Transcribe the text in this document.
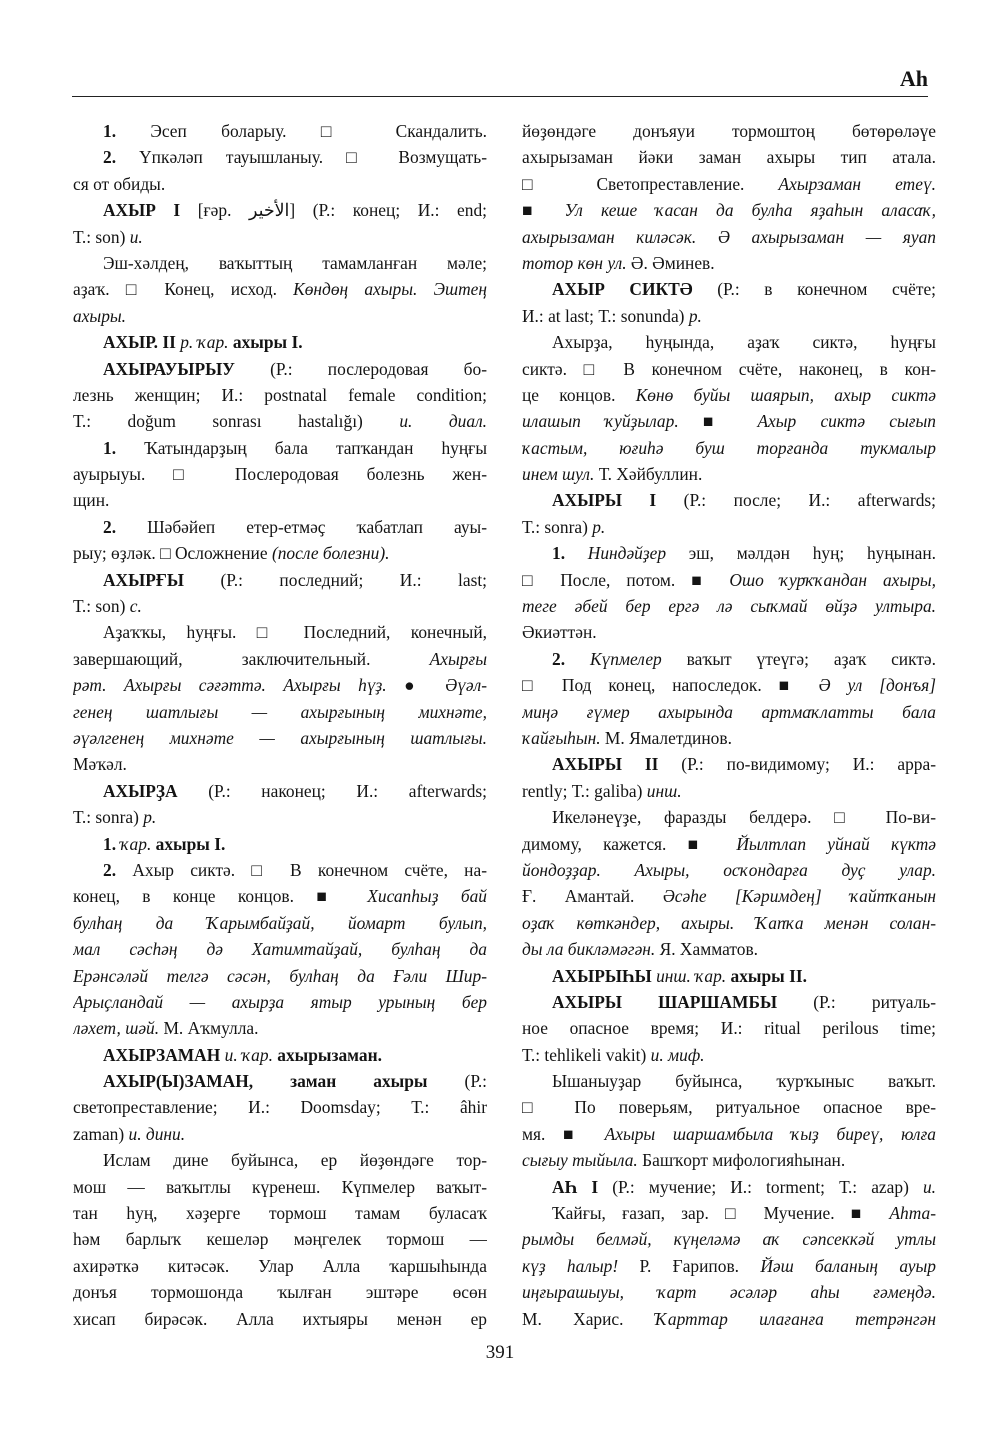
Аһ
1. Эсеп боларыу. □ Скандалить.
2. Үпкәләп тауышланыу. □ Возмущать-
ся от обиды.
АХЫР I [ғәр. الأخير] (Р.: конец; И.: end;
Т.: son) и.
Эш-хәлдең, ваҡыттың тамамланған мәле;
аҙаҡ. □ Конец, исход. Көндөң ахыры. Эштең
ахыры.
АХЫР. II р. ҡар. ахыры I.
АХЫРАУЫРЫУ (Р.: послеродовая бо-
лезнь женщин; И.: postnatal female condition;
Т.: doğum sonrası hastalığı) и. диал.
1. Ҡатындарҙың бала тапҡандан һуңғы
ауырыуы. □ Послеродовая болезнь жен-
щин.
2. Шәбәйеп етер-етмәҫ ҡабатлап ауы-
рыу; өҙләк. □ Осложнение (после болезни).
АХЫРҒЫ (Р.: последний; И.: last;
Т.: son) с.
Аҙаҡҡы, һуңғы. □ Последний, конечный,
завершающий, заключительный. Ахырғы
рәт. Ахырғы сәғәттә. Ахырғы һүҙ. ● Әүәл-
генең шатлығы — ахырғының михнәте,
әүәлгенең михнәте — ахырғының шатлығы.
Мәҡәл.
АХЫРҘА (Р.: наконец; И.: afterwards;
Т.: sonra) р.
1. ҡар. ахыры I.
2. Ахыр сиктә. □ В конечном счёте, на-
конец, в конце концов. ■ Хисапһыҙ бай
булһаң да Ҡарымбайҙай, йомарт булып,
мал сәсһәң дә Хатимтайҙай, булһаң да
Ерәнсәләй телгә сәсән, булһаң да Ғәли Шир-
Арыҫландай — ахырҙа ятыр урының бер
ләхет, шәй. М. Аҡмулла.
АХЫРЗАМАН и. ҡар. ахырызаман.
АХЫР(Ы)ЗАМАН, заман ахыры (Р.:
светопреставление; И.: Doomsday; Т.: âhir
zaman) и. дини.
Ислам дине буйынса, ер йөҙөндәге тор-
мош — ваҡытлы күренеш. Күпмелер ваҡыт-
тан һуң, хәҙерге тормош тамам буласаҡ
һәм барлыҡ кешеләр мәңгелек тормош —
ахирәткә китәсәк. Улар Алла ҡаршыһында
донъя тормошонда ҡылған эштәре өсөн
хисап бирәсәк. Алла ихтыяры менән ер
йөҙөндәге донъяуи тормоштоң бөтөрөләүе
ахырызаман йәки заман ахыры тип атала.
□ Светопреставление. Ахырзаман етеү.
■ Ул кеше ҡасан да булһа яҙаһын аласаҡ,
ахырызаман киләсәк. Ә ахырызаман — яуап
тотор көн ул. Ә. Әминев.
АХЫР СИКТӘ (Р.: в конечном счёте;
И.: at last; Т.: sonunda) р.
Ахырҙа, һуңында, аҙаҡ сиктә, һуңғы
сиктә. □ В конечном счёте, наконец, в кон-
це концов. Көнө буйы шаярып, ахыр сиктә
илашып ҡуйҙылар. ■ Ахыр сиктә сығып
ҡастым, юғиһә буш торғанда тукмалыр
инем шул. Т. Хәйбуллин.
АХЫРЫ I (Р.: после; И.: afterwards;
Т.: sonra) р.
1. Ниндәйҙер эш, мәлдән һуң; һуңынан.
□ После, потом. ■ Ошо ҡурҡҡандан ахыры,
теге әбей бер ергә лә сыҡмай өйҙә ултыра.
Әкиәттән.
2. Күпмелер ваҡыт үтеүгә; аҙаҡ сиктә.
□ Под конец, напоследок. ■ Ә ул [донъя]
миңә ғүмер ахырында артмаҡлатты бала
ҡайғыһын. М. Ямалетдинов.
АХЫРЫ II (Р.: по-видимому; И.: appa-
rently; Т.: galiba) инш.
Икеләнеүҙе, фаразды белдерә. □ По-ви-
димому, кажется. ■ Йылтлап уйнай күктә
йондоҙҙар. Ахыры, осҡондарға дуҫ улар.
Ғ. Амантай. Әсәһе [Кәримдең] ҡайтҡанын
оҙаҡ көткәндер, ахыры. Ҡапҡа менән солан-
ды ла бикләмәгән. Я. Хамматов.
АХЫРЫҺЫ инш. ҡар. ахыры II.
АХЫРЫ ШАРШАМБЫ (Р.: ритуаль-
ное опасное время; И.: ritual perilous time;
Т.: tehlikeli vakit) и. миф.
Ышаныуҙар буйынса, ҡурҡыныс ваҡыт.
□ По поверьям, ритуальное опасное вре-
мя. ■ Ахыры шаршамбыла ҡыҙ биреү, юлға
сығыу тыйыла. Башҡорт мифологияһынан.
АҺ I (Р.: мучение; И.: torment; Т.: azap) и.
Ҡайғы, ғазап, зар. □ Мучение. ■ Аһта-
рымды белмәй, күңеләмә аҡ сәпсеккәй утлы
күҙ һалыр! Р. Ғарипов. Йәш баланың ауыр
иңғырашыуы, ҡарт әсәләр аһы ғәмеңдә.
М. Харис. Ҡарттар илағанға тетрәнгән
391
